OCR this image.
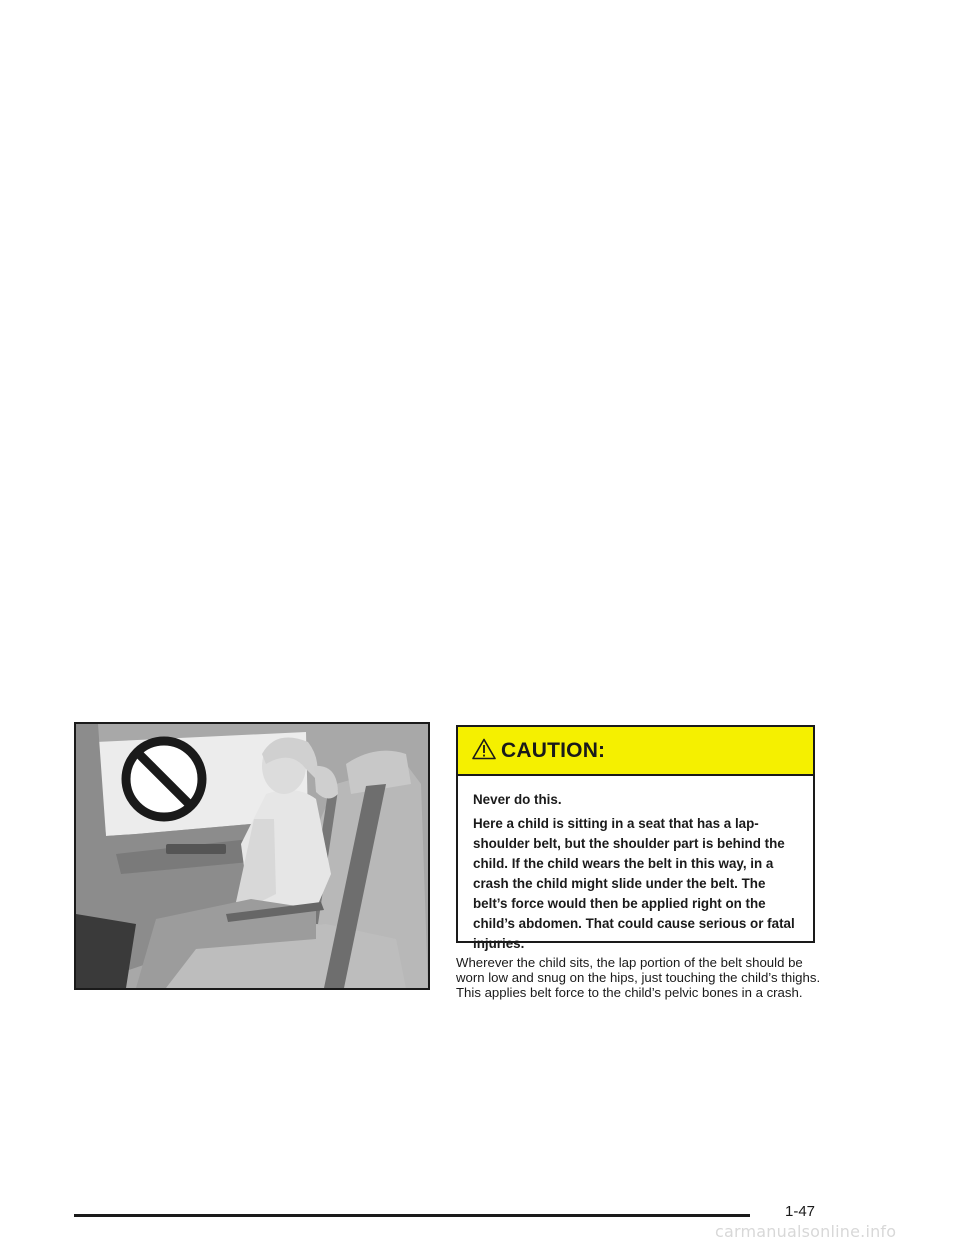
CAUTION:

Never do this.

Here a child is sitting in a seat that has a lap-shoulder belt, but the shoulder part is behind the child. If the child wears the belt in this way, in a crash the child might slide under the belt. The belt’s force would then be applied right on the child’s abdomen. That could cause serious or fatal injuries.

Wherever the child sits, the lap portion of the belt should be worn low and snug on the hips, just touching the child’s thighs. This applies belt force to the child’s pelvic bones in a crash.

1-47
carmanualsonline.info
